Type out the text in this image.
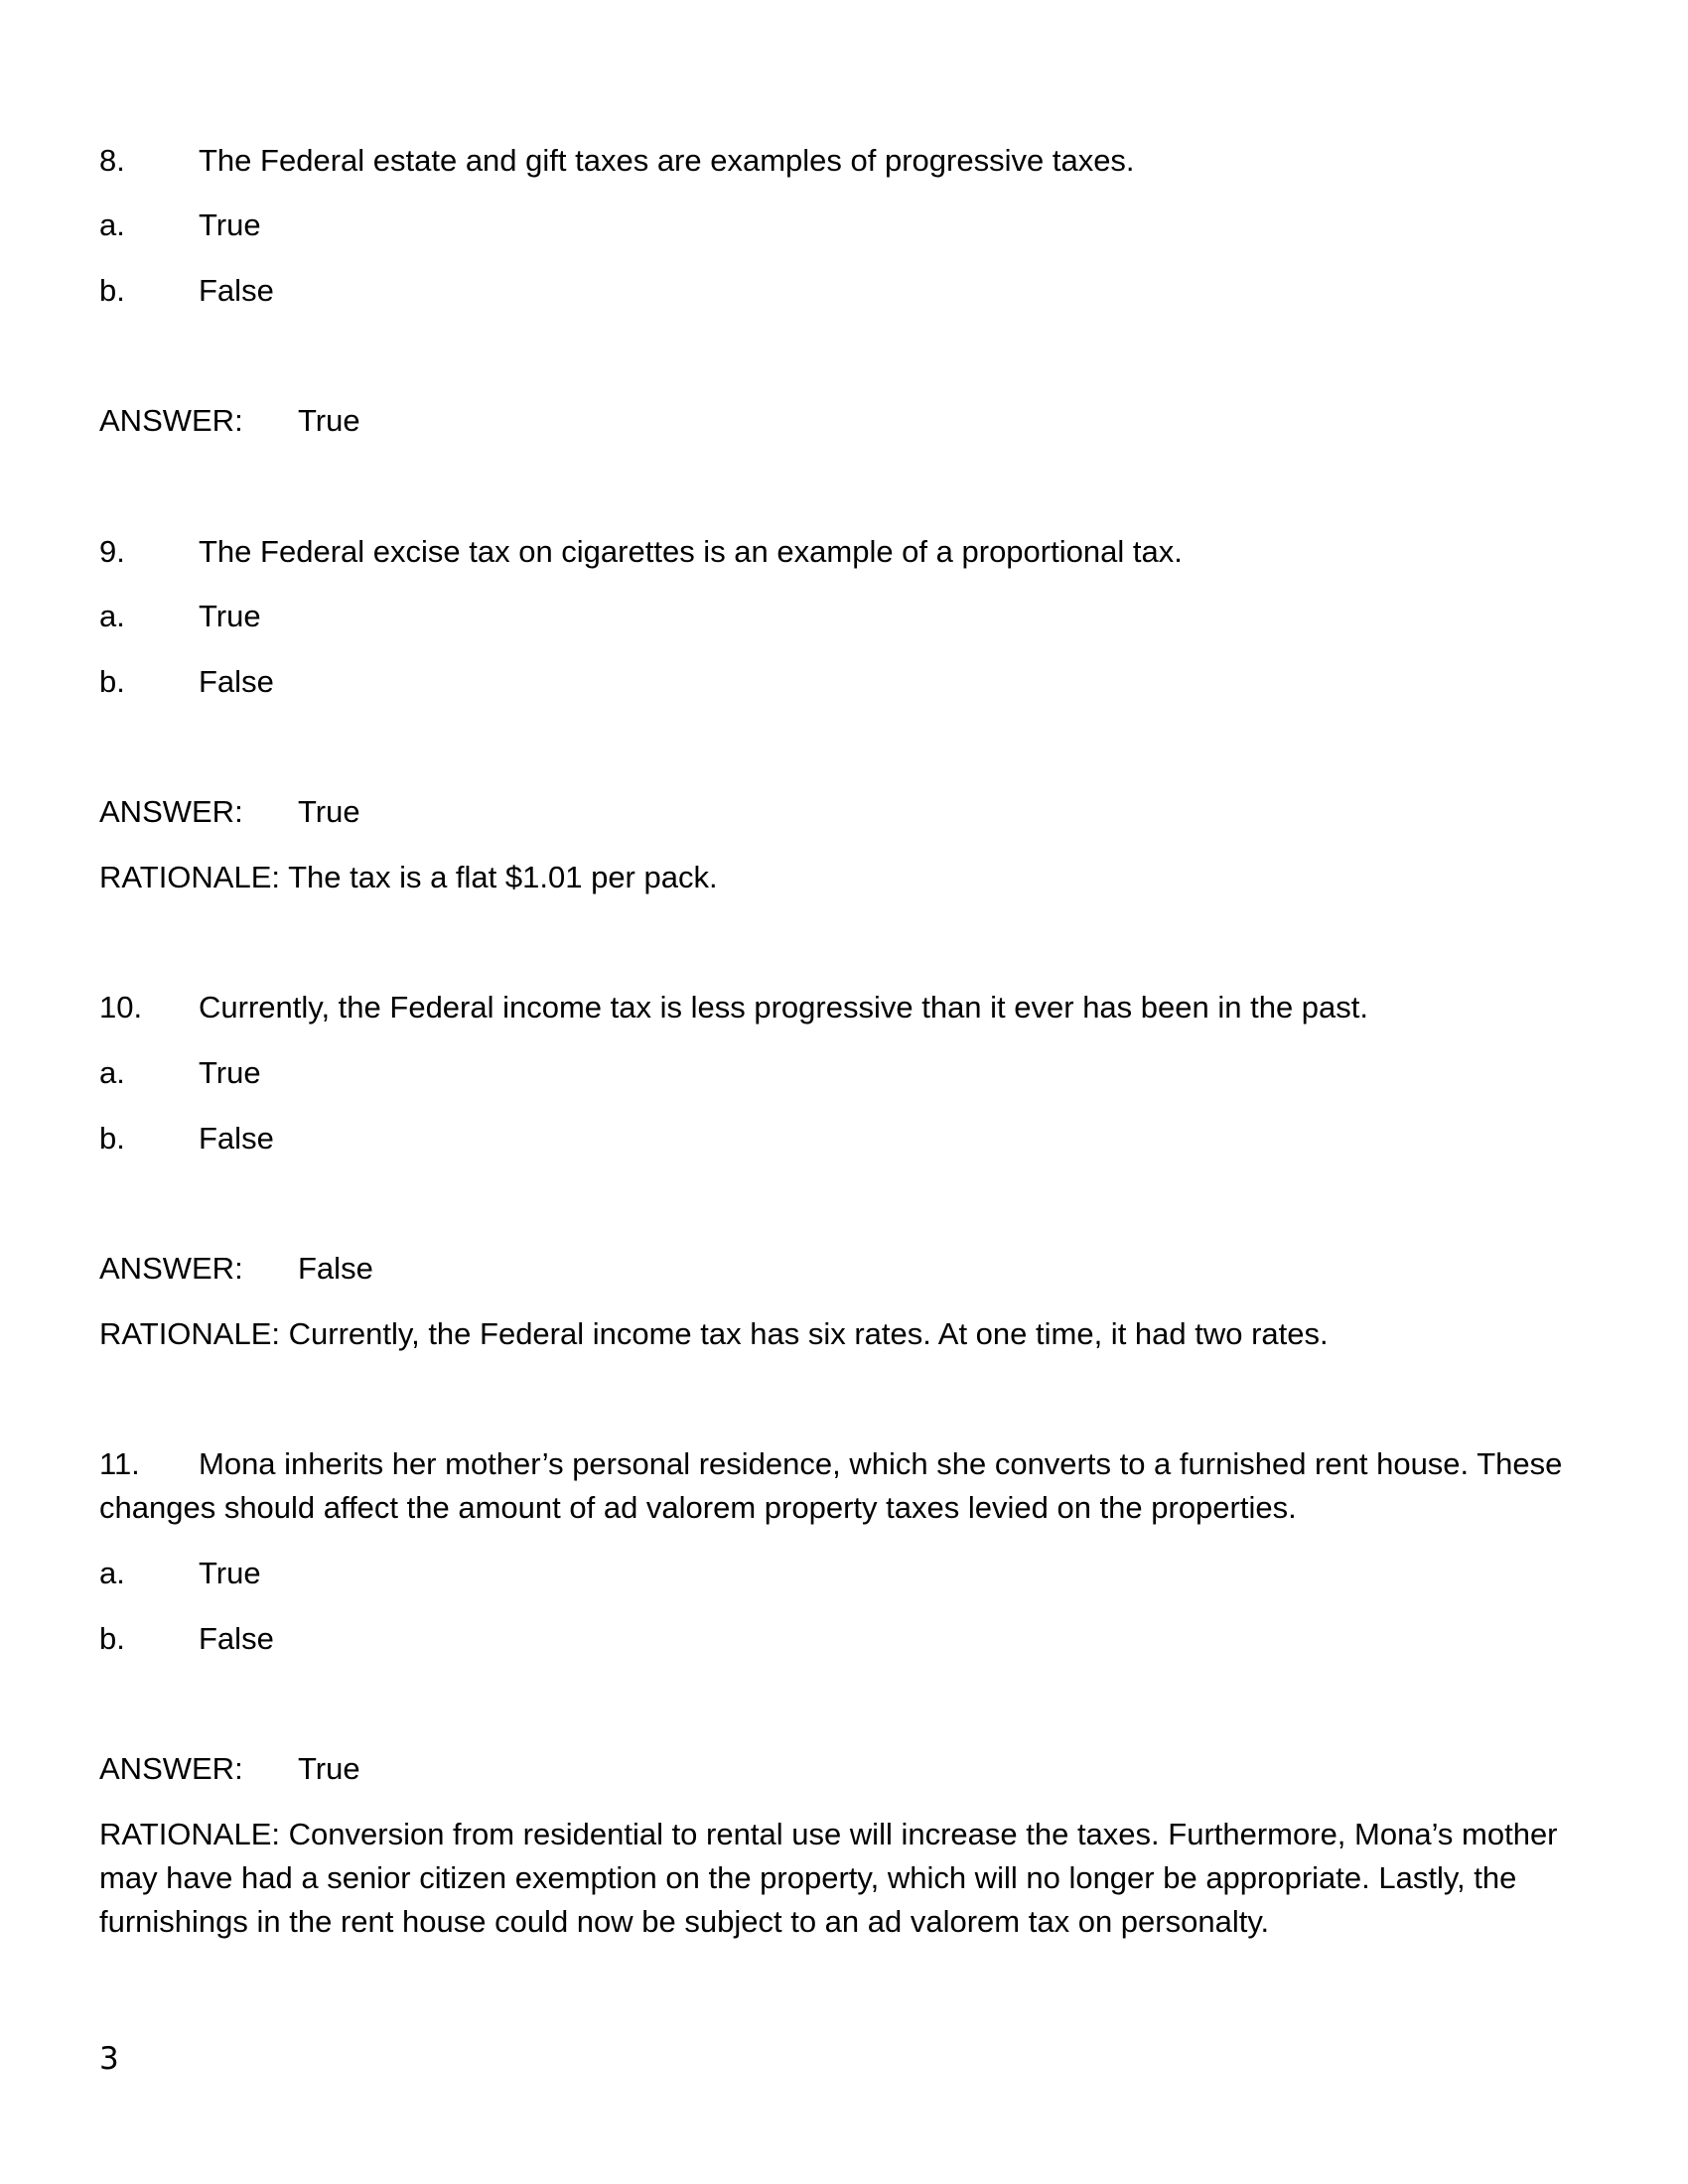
8. The Federal estate and gift taxes are examples of progressive taxes.
a. True
b. False
ANSWER: True
9. The Federal excise tax on cigarettes is an example of a proportional tax.
a. True
b. False
ANSWER: True
RATIONALE: The tax is a flat $1.01 per pack.
10. Currently, the Federal income tax is less progressive than it ever has been in the past.
a. True
b. False
ANSWER: False
RATIONALE: Currently, the Federal income tax has six rates. At one time, it had two rates.
11. Mona inherits her mother’s personal residence, which she converts to a furnished rent house. These changes should affect the amount of ad valorem property taxes levied on the properties.
a. True
b. False
ANSWER: True
RATIONALE: Conversion from residential to rental use will increase the taxes. Furthermore, Mona’s mother may have had a senior citizen exemption on the property, which will no longer be appropriate. Lastly, the furnishings in the rent house could now be subject to an ad valorem tax on personalty.
3
